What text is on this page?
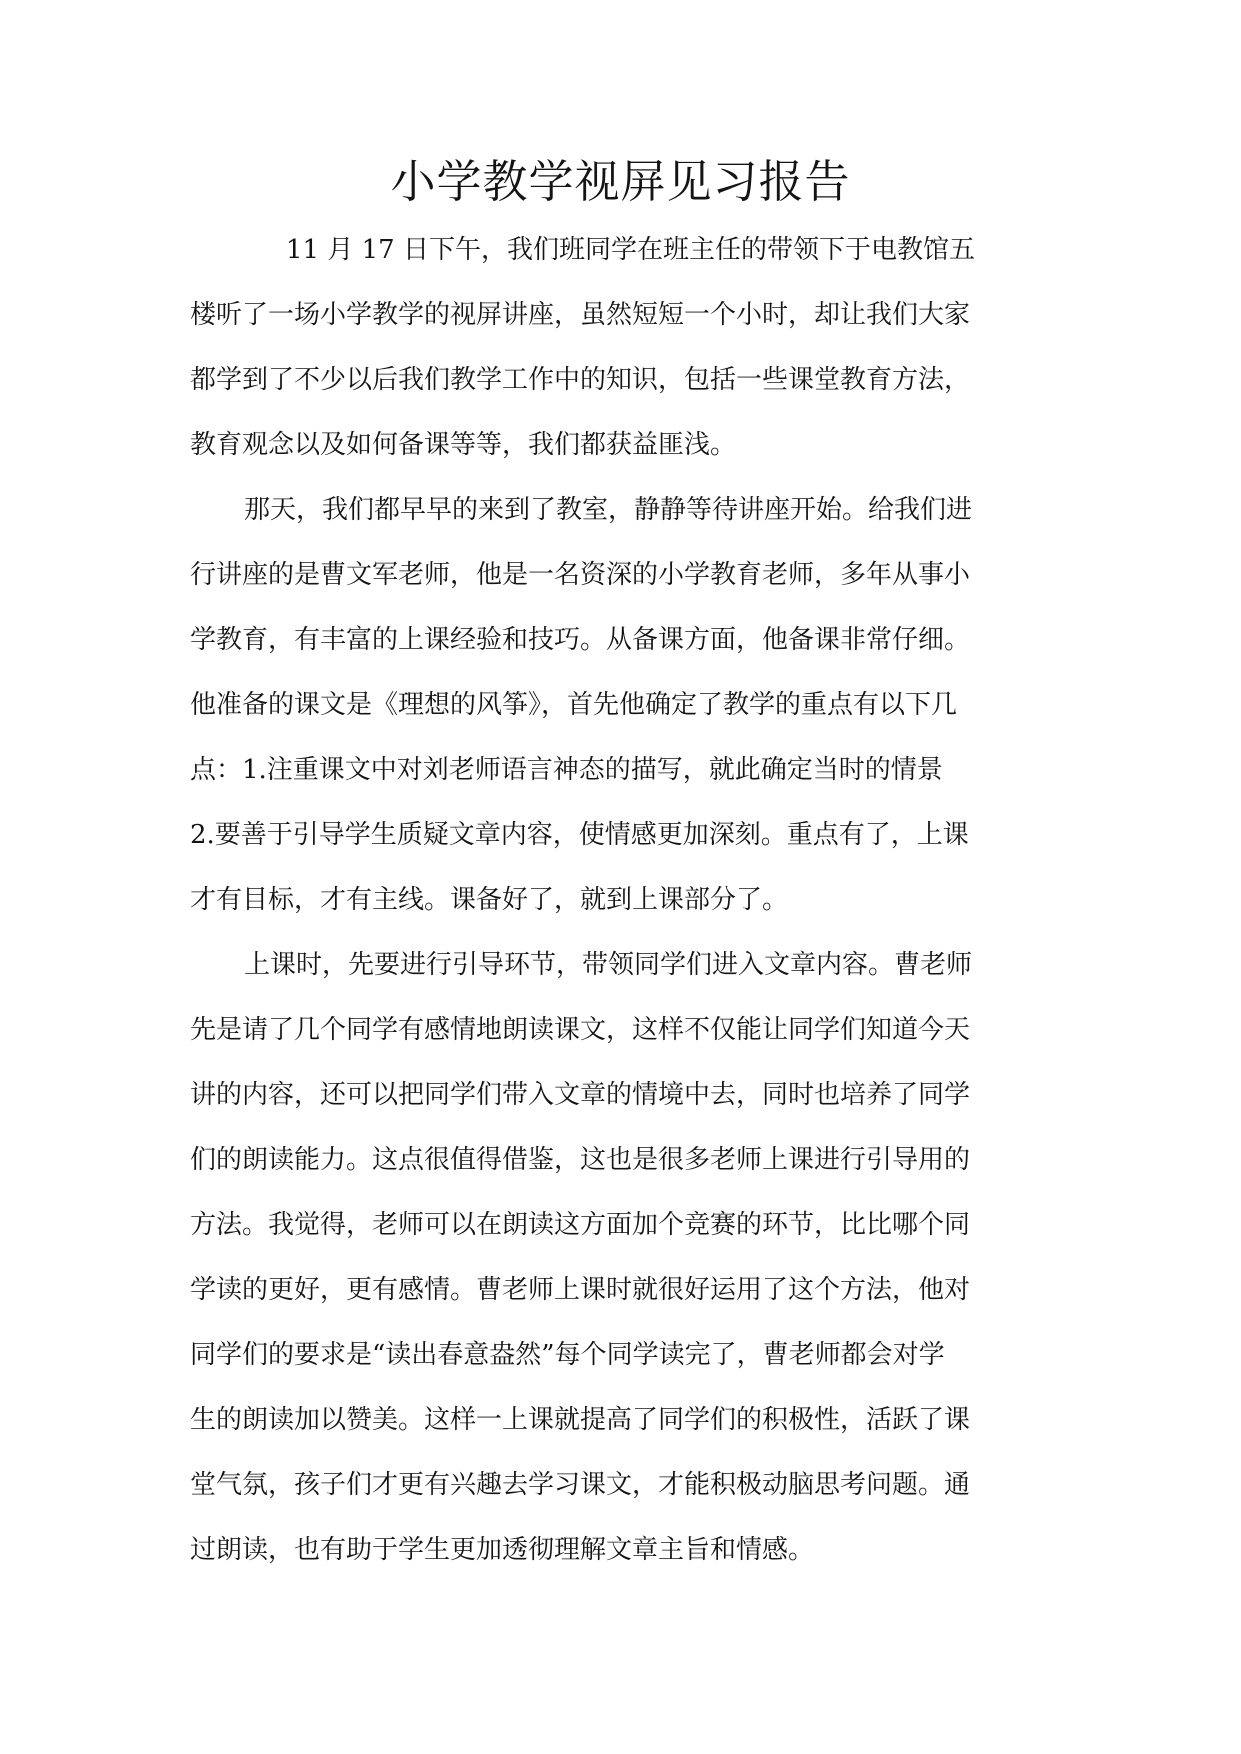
小学教学视屏见习报告

11 月 17 日下午，我们班同学在班主任的带领下于电教馆五
楼听了一场小学教学的视屏讲座，虽然短短一个小时，却让我们大家
都学到了不少以后我们教学工作中的知识，包括一些课堂教育方法，
教育观念以及如何备课等等，我们都获益匪浅。

那天，我们都早早的来到了教室，静静等待讲座开始。给我们进
行讲座的是曹文军老师，他是一名资深的小学教育老师，多年从事小
学教育，有丰富的上课经验和技巧。从备课方面，他备课非常仔细。
他准备的课文是《理想的风筝》，首先他确定了教学的重点有以下几
点：1.注重课文中对刘老师语言神态的描写，就此确定当时的情景
2.要善于引导学生质疑文章内容，使情感更加深刻。重点有了，上课
才有目标，才有主线。课备好了，就到上课部分了。

上课时，先要进行引导环节，带领同学们进入文章内容。曹老师
先是请了几个同学有感情地朗读课文，这样不仅能让同学们知道今天
讲的内容，还可以把同学们带入文章的情境中去，同时也培养了同学
们的朗读能力。这点很值得借鉴，这也是很多老师上课进行引导用的
方法。我觉得，老师可以在朗读这方面加个竞赛的环节，比比哪个同
学读的更好，更有感情。曹老师上课时就很好运用了这个方法，他对
同学们的要求是“读出春意盎然”每个同学读完了，曹老师都会对学
生的朗读加以赞美。这样一上课就提高了同学们的积极性，活跃了课
堂气氛，孩子们才更有兴趣去学习课文，才能积极动脑思考问题。通
过朗读，也有助于学生更加透彻理解文章主旨和情感。
